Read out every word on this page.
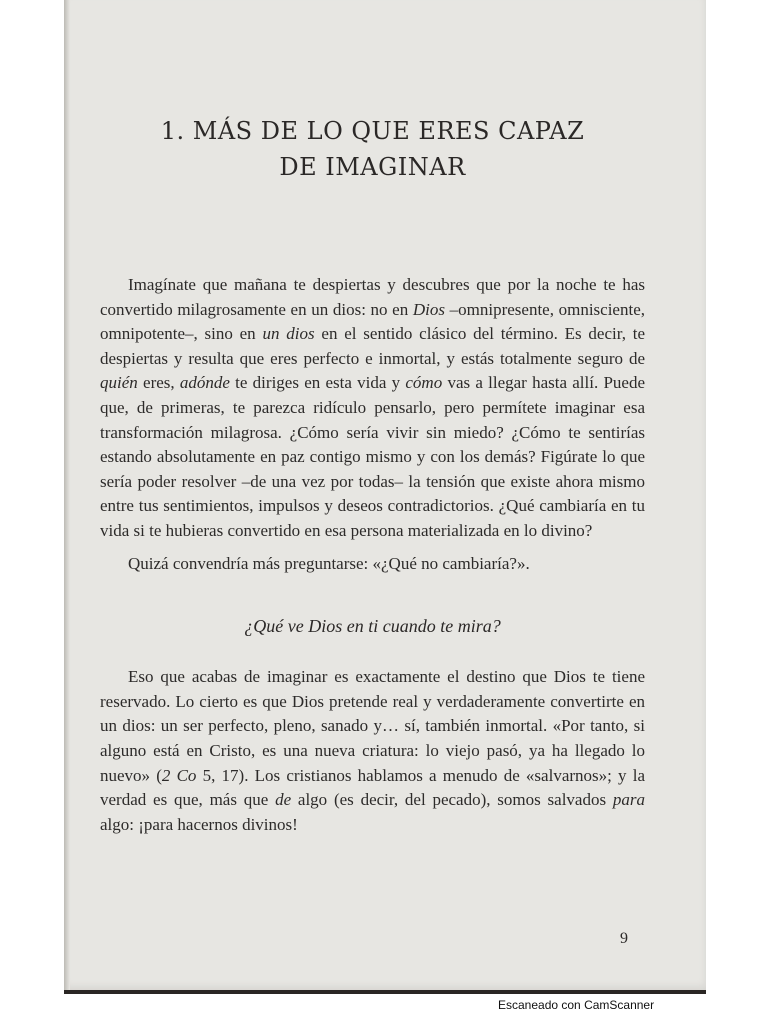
1. MÁS DE LO QUE ERES CAPAZ
DE IMAGINAR

Imagínate que mañana te despiertas y descubres que por la noche te has convertido milagrosamente en un dios: no en Dios –omnipresente, omnisciente, omnipotente–, sino en un dios en el sentido clásico del término. Es decir, te despiertas y resulta que eres perfecto e inmortal, y estás totalmente seguro de quién eres, adónde te diriges en esta vida y cómo vas a llegar hasta allí. Puede que, de primeras, te parezca ridículo pensarlo, pero permítete imaginar esa transformación milagrosa. ¿Cómo sería vivir sin miedo? ¿Cómo te sentirías estando absolutamente en paz contigo mismo y con los demás? Figúrate lo que sería poder resolver –de una vez por todas– la tensión que existe ahora mismo entre tus sentimientos, impulsos y deseos contradictorios. ¿Qué cambiaría en tu vida si te hubieras convertido en esa persona materializada en lo divino?

Quizá convendría más preguntarse: «¿Qué no cambiaría?».

¿Qué ve Dios en ti cuando te mira?

Eso que acabas de imaginar es exactamente el destino que Dios te tiene reservado. Lo cierto es que Dios pretende real y verdaderamente convertirte en un dios: un ser perfecto, pleno, sanado y… sí, también inmortal. «Por tanto, si alguno está en Cristo, es una nueva criatura: lo viejo pasó, ya ha llegado lo nuevo» (2 Co 5, 17). Los cristianos hablamos a menudo de «salvarnos»; y la verdad es que, más que de algo (es decir, del pecado), somos salvados para algo: ¡para hacernos divinos!

9
Escaneado con CamScanner
